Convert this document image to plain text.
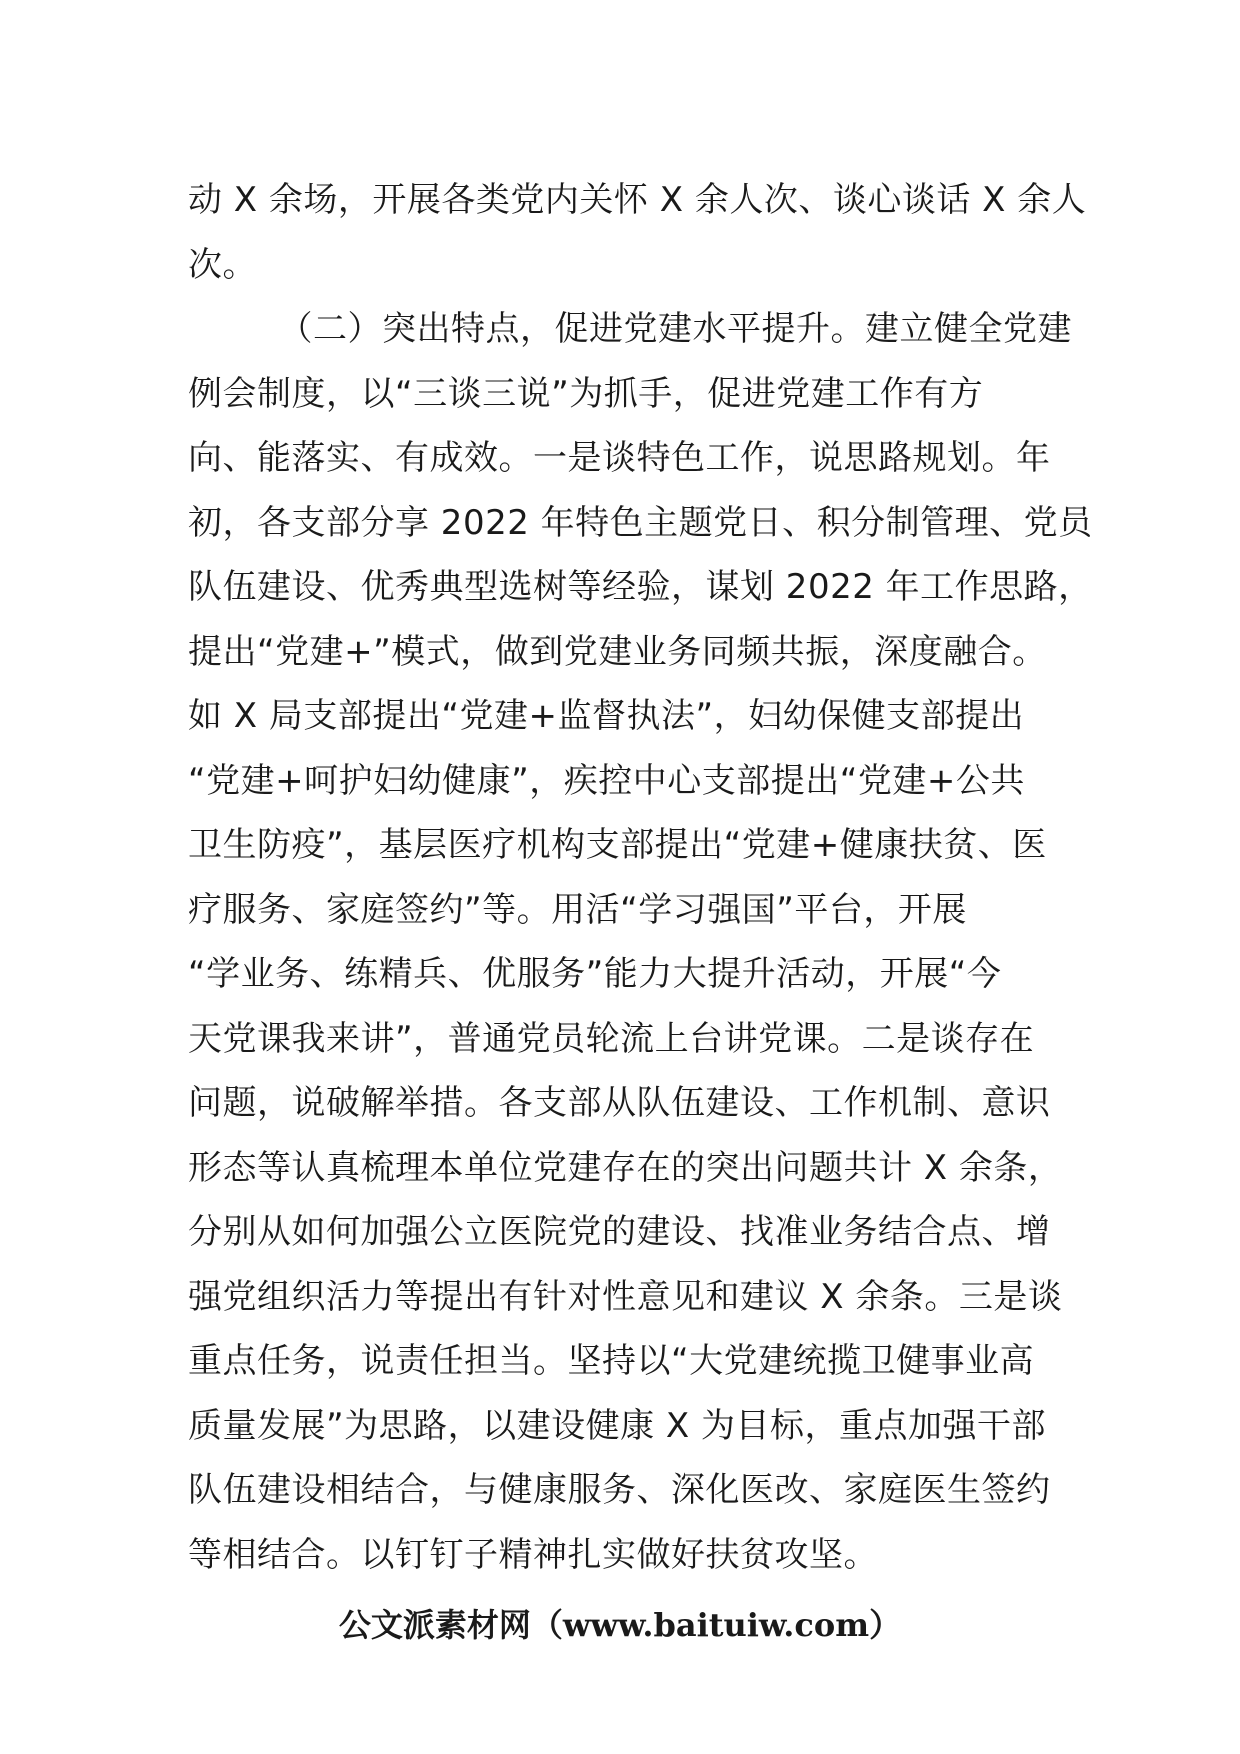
动 X 余场，开展各类党内关怀 X 余人次、谈心谈话 X 余人
次。
（二）突出特点，促进党建水平提升。建立健全党建
例会制度，以“三谈三说”为抓手，促进党建工作有方
向、能落实、有成效。一是谈特色工作，说思路规划。年
初，各支部分享 2022 年特色主题党日、积分制管理、党员
队伍建设、优秀典型选树等经验，谋划 2022 年工作思路，
提出“党建+”模式，做到党建业务同频共振，深度融合。
如 X 局支部提出“党建+监督执法”，妇幼保健支部提出
“党建+呵护妇幼健康”，疾控中心支部提出“党建+公共
卫生防疫”，基层医疗机构支部提出“党建+健康扶贫、医
疗服务、家庭签约”等。用活“学习强国”平台，开展
“学业务、练精兵、优服务”能力大提升活动，开展“今
天党课我来讲”，普通党员轮流上台讲党课。二是谈存在
问题，说破解举措。各支部从队伍建设、工作机制、意识
形态等认真梳理本单位党建存在的突出问题共计 X 余条，
分别从如何加强公立医院党的建设、找准业务结合点、增
强党组织活力等提出有针对性意见和建议 X 余条。三是谈
重点任务，说责任担当。坚持以“大党建统揽卫健事业高
质量发展”为思路，以建设健康 X 为目标，重点加强干部
队伍建设相结合，与健康服务、深化医改、家庭医生签约
等相结合。以钉钉子精神扎实做好扶贫攻坚。
公文派素材网（www.baituiw.com）
